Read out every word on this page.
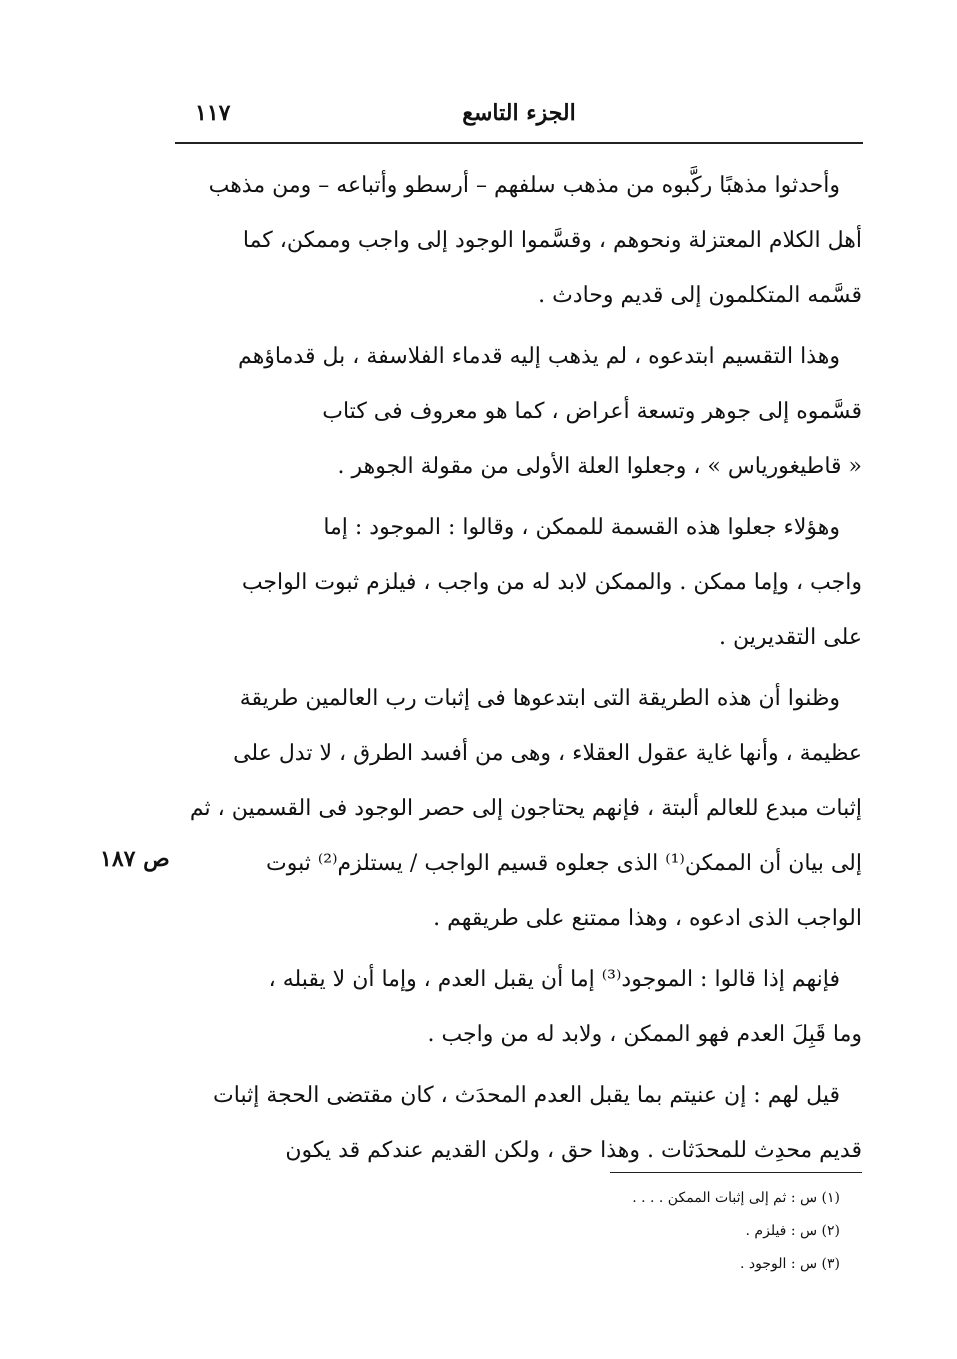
الجزء التاسع
١١٧
وأحدثوا مذهبًا ركَّبوه من مذهب سلفهم – أرسطو وأتباعه – ومن مذهب
أهل الكلام المعتزلة ونحوهم ، وقسَّموا الوجود إلى واجب وممكن، كما
قسَّمه المتكلمون إلى قديم وحادث .
وهذا التقسيم ابتدعوه ، لم يذهب إليه قدماء الفلاسفة ، بل قدماؤهم
قسَّموه إلى جوهر وتسعة أعراض ، كما هو معروف فى كتاب
« قاطيغورياس » ، وجعلوا العلة الأولى من مقولة الجوهر .
وهؤلاء جعلوا هذه القسمة للممكن ، وقالوا : الموجود : إما
واجب ، وإما ممكن . والممكن لابد له من واجب ، فيلزم ثبوت الواجب
على التقديرين .
وظنوا أن هذه الطريقة التى ابتدعوها فى إثبات رب العالمين طريقة
عظيمة ، وأنها غاية عقول العقلاء ، وهى من أفسد الطرق ، لا تدل على
إثبات مبدع للعالم ألبتة ، فإنهم يحتاجون إلى حصر الوجود فى القسمين ، ثم
إلى بيان أن الممكن⁽¹⁾ الذى جعلوه قسيم الواجب / يستلزم⁽²⁾ ثبوت
الواجب الذى ادعوه ، وهذا ممتنع على طريقهم .
فإنهم إذا قالوا : الموجود⁽³⁾ إما أن يقبل العدم ، وإما أن لا يقبله ،
وما قَبِلَ العدم فهو الممكن ، ولابد له من واجب .
قيل لهم : إن عنيتم بما يقبل العدم المحدَث ، كان مقتضى الحجة إثبات
قديم محدِث للمحدَثات . وهذا حق ، ولكن القديم عندكم قد يكون
ص ١٨٧
(١) س : ثم إلى إثبات الممكن . . . .
(٢) س : فيلزم .
(٣) س : الوجود .
